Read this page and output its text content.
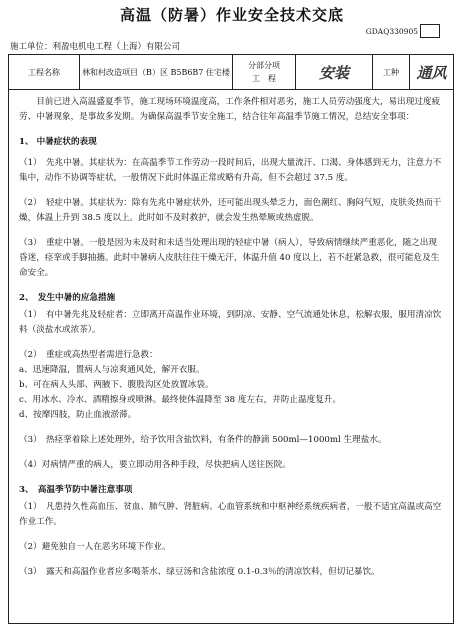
高温（防暑）作业安全技术交底
GDAQ330905
施工单位：利盈电机电工程（上海）有限公司
工程名称	林和村改造项目（B）区 B5B6B7 住宅楼
分部分项
工　程	安装	工种	通风

目前已进入高温盛夏季节，施工现场环境温度高，工作条件相对恶劣，施工人员劳动强度大，易出现过度疲劳、中暑现象，是事故多发期。为确保高温季节安全施工，结合往年高温季节施工情况，总结安全事项：

1、 中暑症状的表现

（1）　先兆中暑。其症状为：在高温季节工作劳动一段时间后，出现大量流汗、口渴、身体感到无力，注意力不集中，动作不协调等症状，一般情况下此时体温正常或略有升高，但不会超过 37.5 度。

（2）　轻症中暑。其症状为：除有先兆中暑症状外，还可能出现头晕乏力，面色潮红、胸闷气短，皮肤灸热而干燥，体温上升到 38.5 度以上。此时如不及时救护，就会发生热晕厥或热虚脱。

（3）　重症中暑。一般是因为未及时和未适当处理出现的轻症中暑（病人），导致病情继续严重恶化，随之出现昏迷，痉挛或手脚抽搐。此时中暑病人皮肤往往干燥无汗，体温升值 40 度以上，若不赶紧急救，很可能危及生命安全。

2、　发生中暑的应急措施

（1）　有中暑先兆及轻症者：立即离开高温作业环境，到阴凉、安静、空气流通处休息，松解衣服，服用清凉饮料（淡盐水或浓茶）。

（2）　重症或高热型者需进行急救：

a、迅速降温，置病人与凉爽通风处，解开衣服。

b、可在病人头部、两腋下、腹股沟区处放置冰袋。

c、用冰水、冷水、酒精擦身或喷淋。最终使体温降至 38 度左右，并防止温度复升。

d、按摩四肢，防止血液淤滞。

（3）　热痉挛着除上述处理外，给予饮用含盐饮料，有条件的静滴 500ml—1000ml 生理盐水。

（4）对病情严重的病人，要立即动用各种手段，尽快把病人送往医院。

3、　高温季节防中暑注意事项

（1）　凡患持久性高血压、贫血、肺气肿、肾脏病、心血管系统和中枢神经系统疾病者，一般不适宜高温或高空作业工作。

（2）避免独自一人在恶劣环境下作业。

（3）　露天和高温作业者应多喝茶水、绿豆汤和含盐浓度 0.1-0.3％的清凉饮料，但切记暴饮。
